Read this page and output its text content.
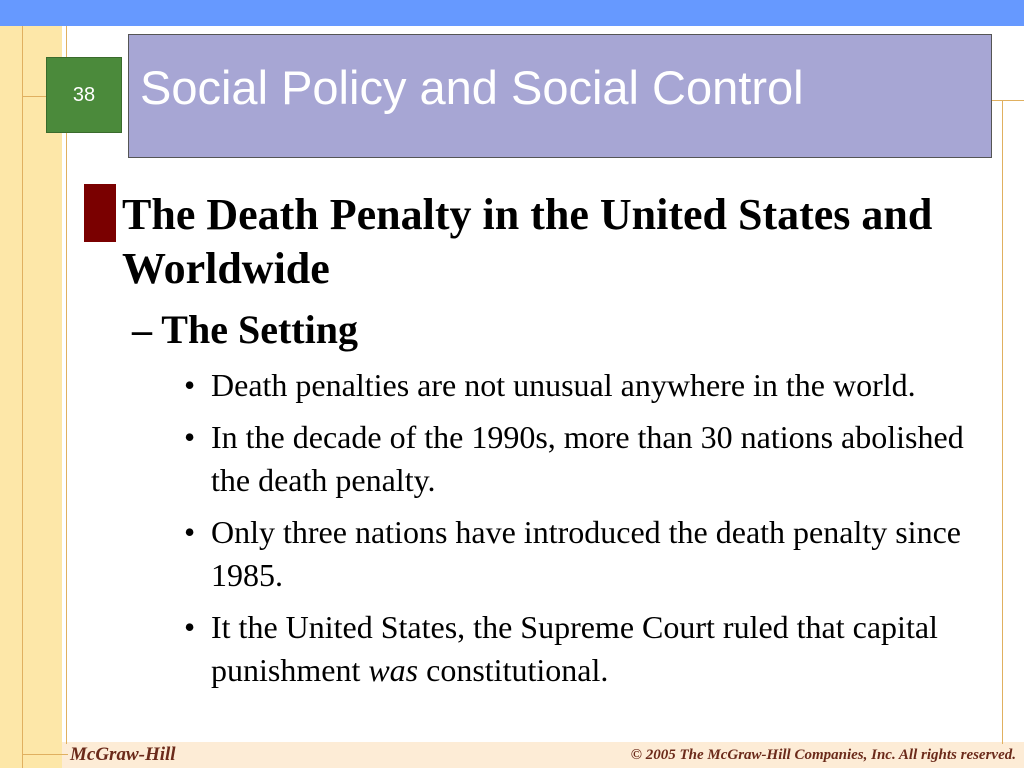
Social Policy and Social Control
38
The Death Penalty in the United States and Worldwide
– The Setting
• Death penalties are not unusual anywhere in the world.
• In the decade of the 1990s, more than 30 nations abolished the death penalty.
• Only three nations have introduced the death penalty since 1985.
• It the United States, the Supreme Court ruled that capital punishment was constitutional.
McGraw-Hill	© 2005 The McGraw-Hill Companies, Inc. All rights reserved.
